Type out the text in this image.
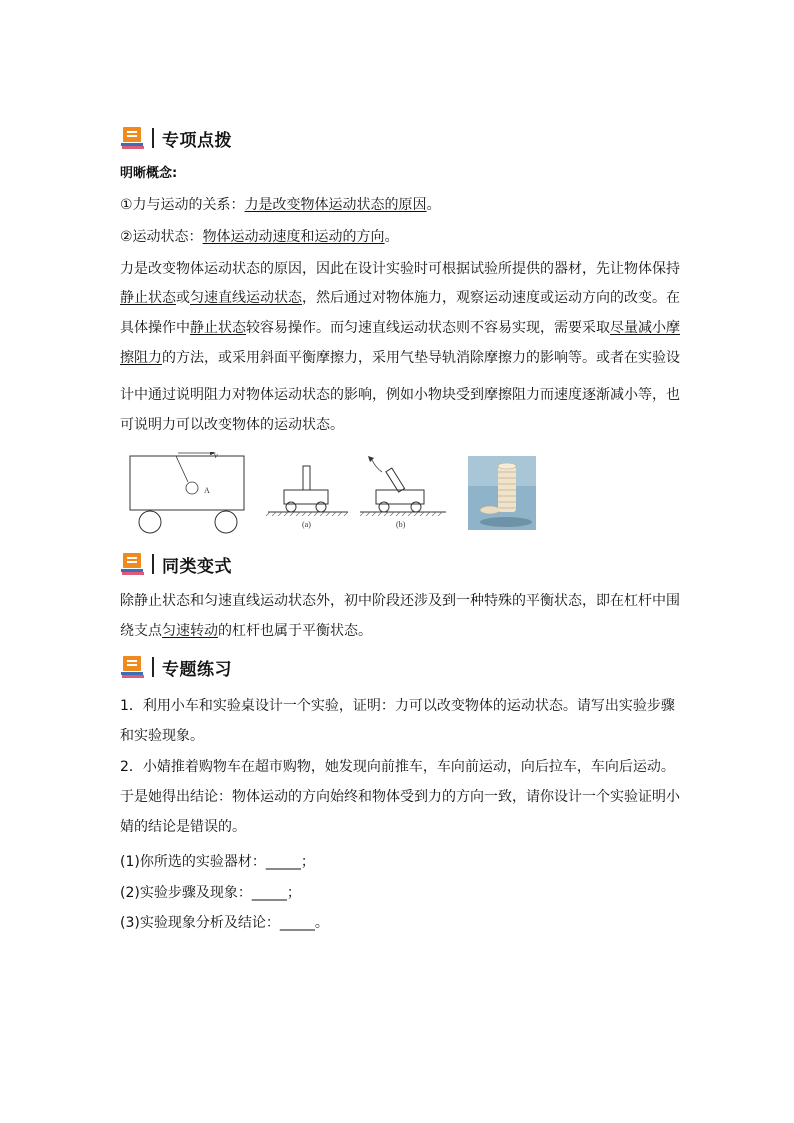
专项点拨
明晰概念:
①力与运动的关系：力是改变物体运动状态的原因。
②运动状态：物体运动动速度和运动的方向。
力是改变物体运动状态的原因，因此在设计实验时可根据试验所提供的器材，先让物体保持
静止状态或匀速直线运动状态，然后通过对物体施力，观察运动速度或运动方向的改变。在
具体操作中静止状态较容易操作。而匀速直线运动状态则不容易实现，需要采取尽量减小摩
擦阻力的方法，或采用斜面平衡摩擦力，采用气垫导轨消除摩擦力的影响等。或者在实验设
计中通过说明阻力对物体运动状态的影响，例如小物块受到摩擦阻力而速度逐渐减小等，也
可说明力可以改变物体的运动状态。
v
A
(a)	(b)
同类变式
除静止状态和匀速直线运动状态外，初中阶段还涉及到一种特殊的平衡状态，即在杠杆中围
绕支点匀速转动的杠杆也属于平衡状态。
专题练习
1．利用小车和实验桌设计一个实验，证明：力可以改变物体的运动状态。请写出实验步骤
和实验现象。
2．小婧推着购物车在超市购物，她发现向前推车，车向前运动，向后拉车，车向后运动。
于是她得出结论：物体运动的方向始终和物体受到力的方向一致，请你设计一个实验证明小
婧的结论是错误的。
(1)你所选的实验器材：_____；
(2)实验步骤及现象：_____；
(3)实验现象分析及结论：_____。
